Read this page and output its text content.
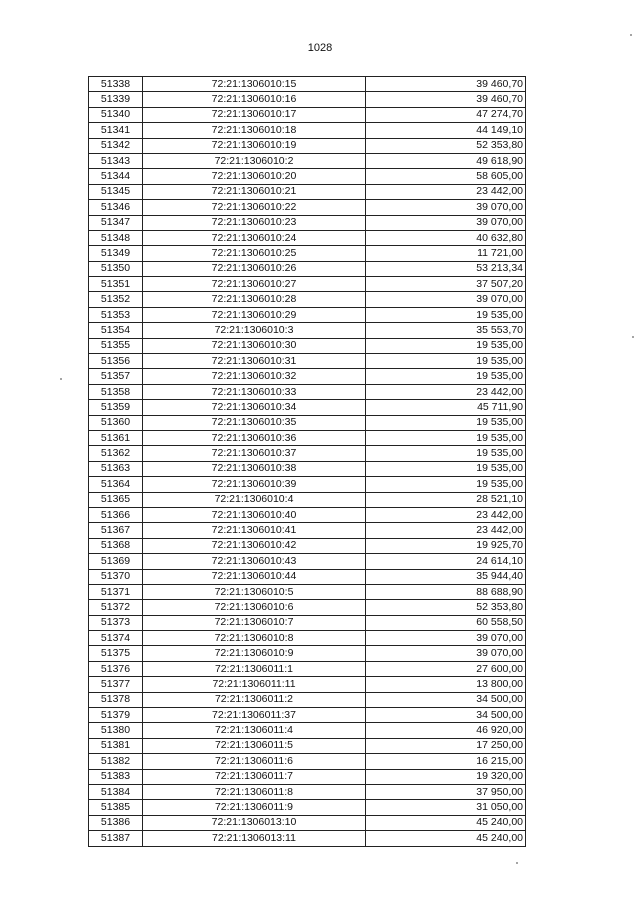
1028
51338	72:21:1306010:15	39 460,70
51339	72:21:1306010:16	39 460,70
51340	72:21:1306010:17	47 274,70
51341	72:21:1306010:18	44 149,10
51342	72:21:1306010:19	52 353,80
51343	72:21:1306010:2	49 618,90
51344	72:21:1306010:20	58 605,00
51345	72:21:1306010:21	23 442,00
51346	72:21:1306010:22	39 070,00
51347	72:21:1306010:23	39 070,00
51348	72:21:1306010:24	40 632,80
51349	72:21:1306010:25	11 721,00
51350	72:21:1306010:26	53 213,34
51351	72:21:1306010:27	37 507,20
51352	72:21:1306010:28	39 070,00
51353	72:21:1306010:29	19 535,00
51354	72:21:1306010:3	35 553,70
51355	72:21:1306010:30	19 535,00
51356	72:21:1306010:31	19 535,00
51357	72:21:1306010:32	19 535,00
51358	72:21:1306010:33	23 442,00
51359	72:21:1306010:34	45 711,90
51360	72:21:1306010:35	19 535,00
51361	72:21:1306010:36	19 535,00
51362	72:21:1306010:37	19 535,00
51363	72:21:1306010:38	19 535,00
51364	72:21:1306010:39	19 535,00
51365	72:21:1306010:4	28 521,10
51366	72:21:1306010:40	23 442,00
51367	72:21:1306010:41	23 442,00
51368	72:21:1306010:42	19 925,70
51369	72:21:1306010:43	24 614,10
51370	72:21:1306010:44	35 944,40
51371	72:21:1306010:5	88 688,90
51372	72:21:1306010:6	52 353,80
51373	72:21:1306010:7	60 558,50
51374	72:21:1306010:8	39 070,00
51375	72:21:1306010:9	39 070,00
51376	72:21:1306011:1	27 600,00
51377	72:21:1306011:11	13 800,00
51378	72:21:1306011:2	34 500,00
51379	72:21:1306011:37	34 500,00
51380	72:21:1306011:4	46 920,00
51381	72:21:1306011:5	17 250,00
51382	72:21:1306011:6	16 215,00
51383	72:21:1306011:7	19 320,00
51384	72:21:1306011:8	37 950,00
51385	72:21:1306011:9	31 050,00
51386	72:21:1306013:10	45 240,00
51387	72:21:1306013:11	45 240,00
